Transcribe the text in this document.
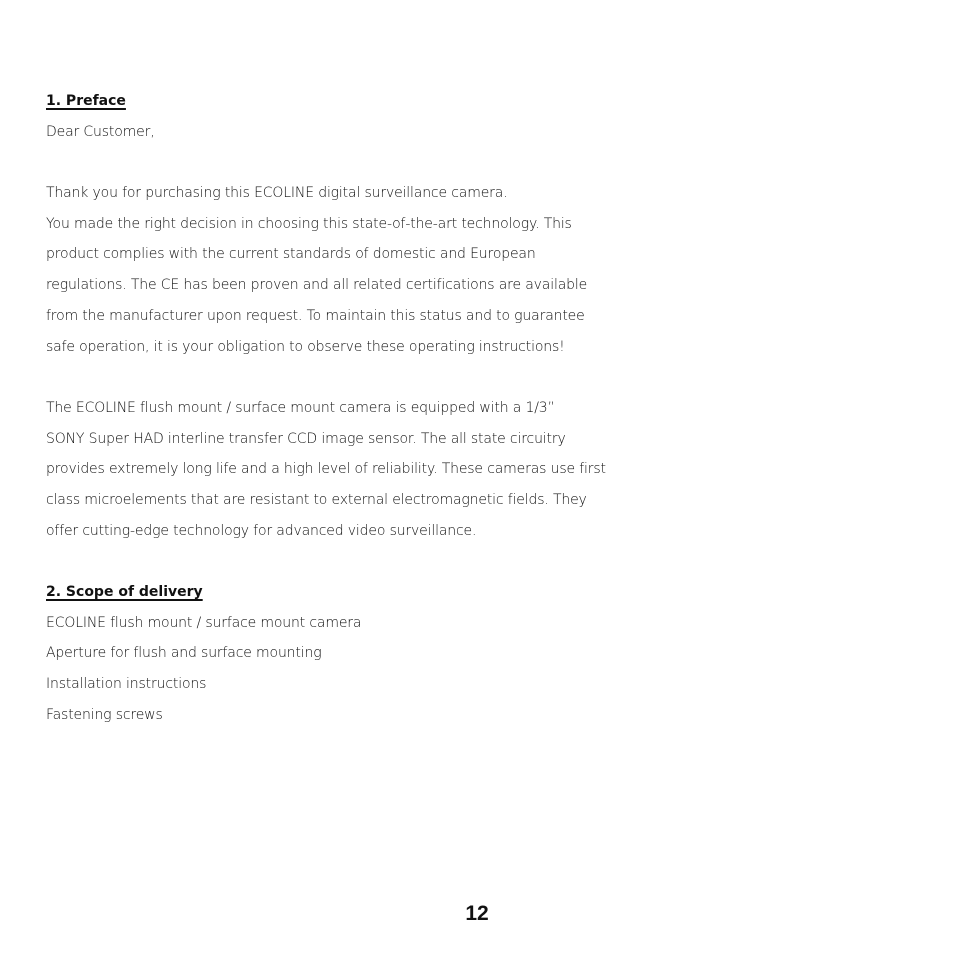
1. Preface
Dear Customer,
Thank you for purchasing this ECOLINE digital surveillance camera.
You made the right decision in choosing this state-of-the-art technology. This
product complies with the current standards of domestic and European
regulations. The CE has been proven and all related certifications are available
from the manufacturer upon request. To maintain this status and to guarantee
safe operation, it is your obligation to observe these operating instructions!
The ECOLINE flush mount / surface mount camera is equipped with a 1/3”
SONY Super HAD interline transfer CCD image sensor. The all state circuitry
provides extremely long life and a high level of reliability. These cameras use first
class microelements that are resistant to external electromagnetic fields. They
offer cutting-edge technology for advanced video surveillance.
2. Scope of delivery
ECOLINE flush mount / surface mount camera
Aperture for flush and surface mounting
Installation instructions
Fastening screws
12
